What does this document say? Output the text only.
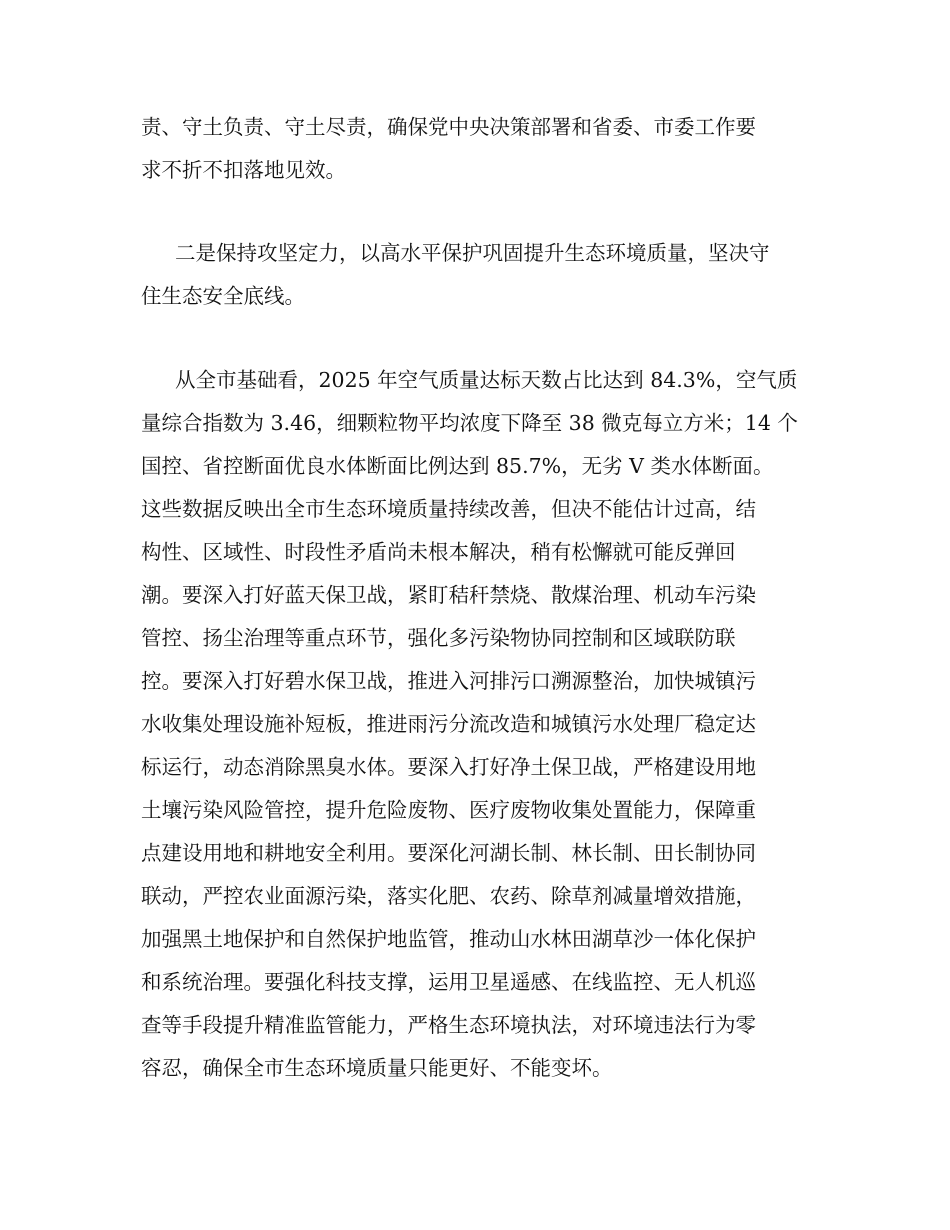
责、守土负责、守土尽责，确保党中央决策部署和省委、市委工作要
求不折不扣落地见效。
二是保持攻坚定力，以高水平保护巩固提升生态环境质量，坚决守
住生态安全底线。
从全市基础看，2025 年空气质量达标天数占比达到 84.3%，空气质
量综合指数为 3.46，细颗粒物平均浓度下降至 38 微克每立方米；14 个
国控、省控断面优良水体断面比例达到 85.7%，无劣 Ⅴ 类水体断面。
这些数据反映出全市生态环境质量持续改善，但决不能估计过高，结
构性、区域性、时段性矛盾尚未根本解决，稍有松懈就可能反弹回
潮。要深入打好蓝天保卫战，紧盯秸秆禁烧、散煤治理、机动车污染
管控、扬尘治理等重点环节，强化多污染物协同控制和区域联防联
控。要深入打好碧水保卫战，推进入河排污口溯源整治，加快城镇污
水收集处理设施补短板，推进雨污分流改造和城镇污水处理厂稳定达
标运行，动态消除黑臭水体。要深入打好净土保卫战，严格建设用地
土壤污染风险管控，提升危险废物、医疗废物收集处置能力，保障重
点建设用地和耕地安全利用。要深化河湖长制、林长制、田长制协同
联动，严控农业面源污染，落实化肥、农药、除草剂减量增效措施，
加强黑土地保护和自然保护地监管，推动山水林田湖草沙一体化保护
和系统治理。要强化科技支撑，运用卫星遥感、在线监控、无人机巡
查等手段提升精准监管能力，严格生态环境执法，对环境违法行为零
容忍，确保全市生态环境质量只能更好、不能变坏。
